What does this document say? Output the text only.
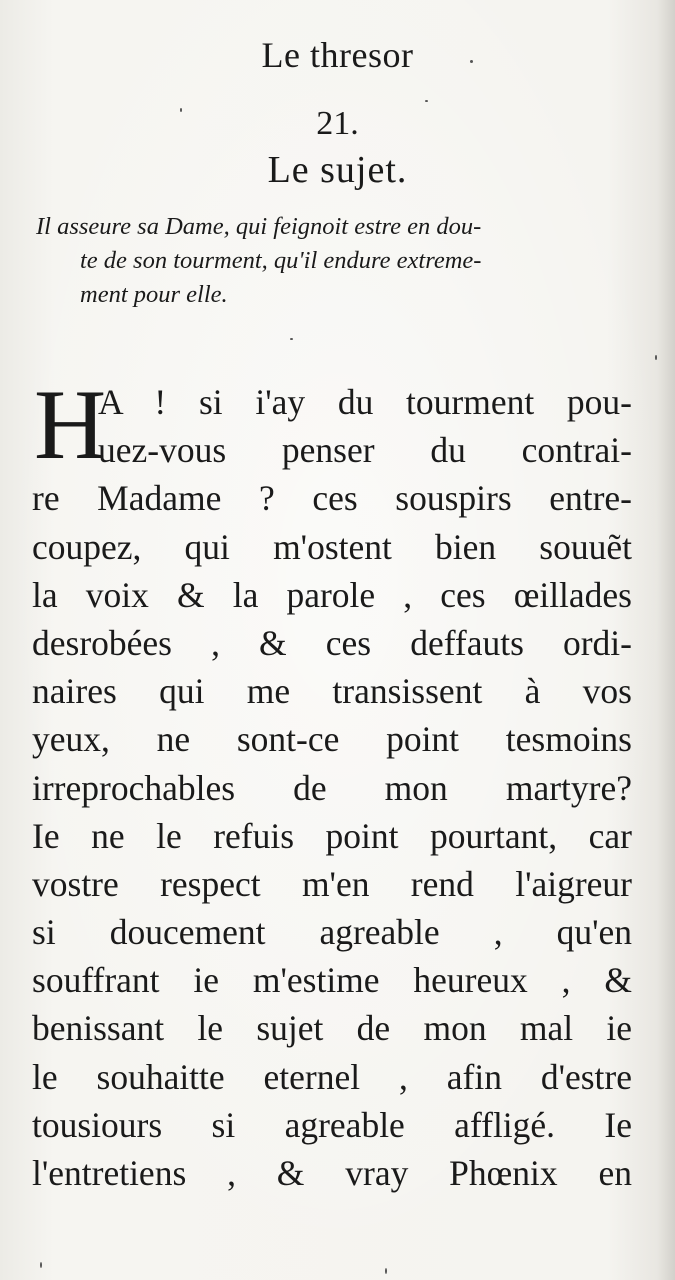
Le thresor
21.
Le sujet.

Il asseure sa Dame, qui feignoit estre en dou-
te de son tourment, qu'il endure extreme-
ment pour elle.

H
A ! si i'ay du tourment pou-
uez-vous penser du contrai-
re Madame ? ces souspirs entre-
coupez, qui m'ostent bien souuẽt
la voix & la parole , ces œillades
desrobées , & ces deffauts ordi-
naires qui me transissent à vos
yeux, ne sont-ce point tesmoins
irreprochables de mon martyre?
Ie ne le refuis point pourtant, car
vostre respect m'en rend l'aigreur
si doucement agreable , qu'en
souffrant ie m'estime heureux , &
benissant le sujet de mon mal ie
le souhaitte eternel , afin d'estre
tousiours si agreable affligé. Ie
l'entretiens , & vray Phœnix en
